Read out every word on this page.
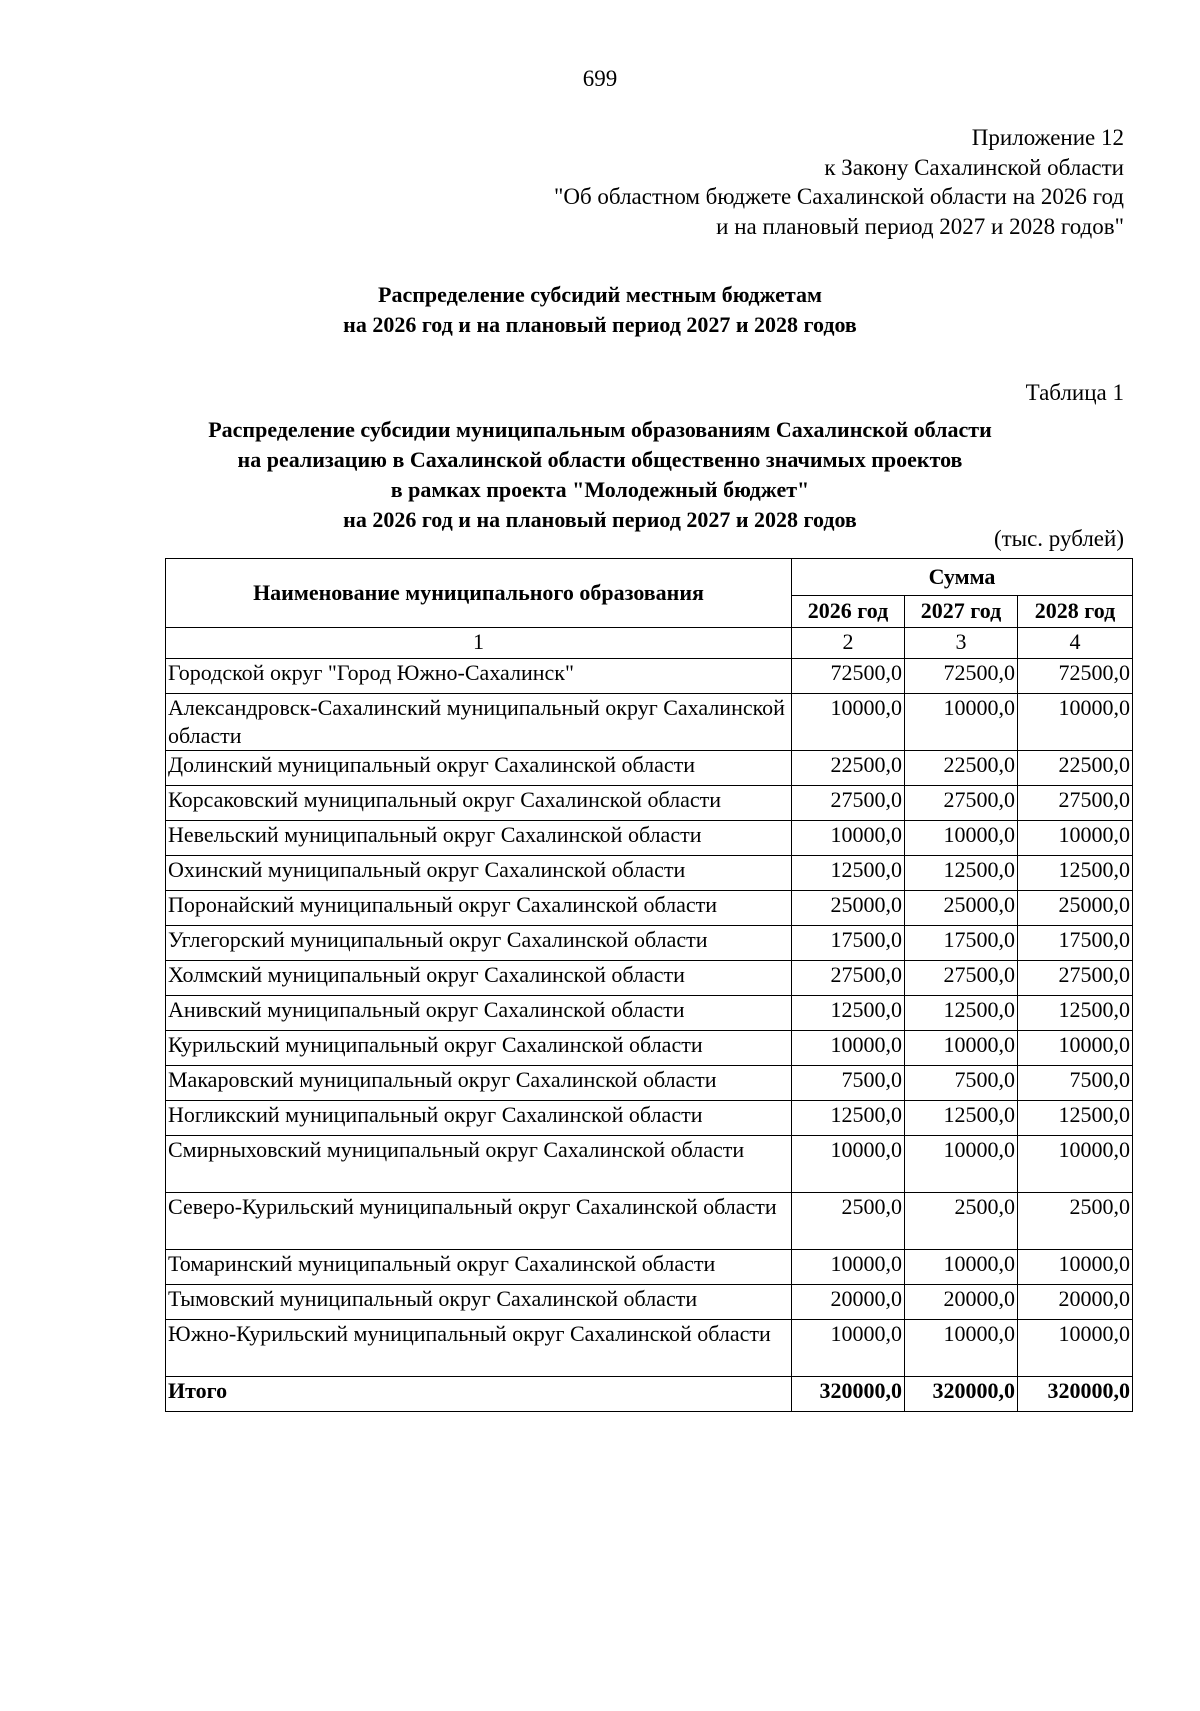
699
Приложение 12
к Закону Сахалинской области
"Об областном бюджете Сахалинской области на 2026 год
и на плановый период 2027 и 2028 годов"
Распределение субсидий местным бюджетам
на 2026 год и на плановый период 2027 и 2028 годов
Таблица 1
Распределение субсидии муниципальным образованиям Сахалинской области
на реализацию в Сахалинской области общественно значимых проектов
в рамках проекта "Молодежный бюджет"
на 2026 год и на плановый период 2027 и 2028 годов
(тыс. рублей)
Наименование муниципального образования	Сумма		
	2026 год	2027 год	2028 год
1	2	3	4
Городской округ "Город Южно-Сахалинск"	72500,0	72500,0	72500,0
Александровск-Сахалинский муниципальный округ Сахалинской области	10000,0	10000,0	10000,0
Долинский муниципальный округ Сахалинской области	22500,0	22500,0	22500,0
Корсаковский муниципальный округ Сахалинской области	27500,0	27500,0	27500,0
Невельский муниципальный округ Сахалинской области	10000,0	10000,0	10000,0
Охинский муниципальный округ Сахалинской области	12500,0	12500,0	12500,0
Поронайский муниципальный округ Сахалинской области	25000,0	25000,0	25000,0
Углегорский муниципальный округ Сахалинской области	17500,0	17500,0	17500,0
Холмский муниципальный округ Сахалинской области	27500,0	27500,0	27500,0
Анивский муниципальный округ Сахалинской области	12500,0	12500,0	12500,0
Курильский муниципальный округ Сахалинской области	10000,0	10000,0	10000,0
Макаровский муниципальный округ Сахалинской области	7500,0	7500,0	7500,0
Ногликский муниципальный округ Сахалинской области	12500,0	12500,0	12500,0
Смирныховский муниципальный округ Сахалинской области	10000,0	10000,0	10000,0
Северо-Курильский муниципальный округ Сахалинской области	2500,0	2500,0	2500,0
Томаринский муниципальный округ Сахалинской области	10000,0	10000,0	10000,0
Тымовский муниципальный округ Сахалинской области	20000,0	20000,0	20000,0
Южно-Курильский муниципальный округ Сахалинской области	10000,0	10000,0	10000,0
Итого	320000,0	320000,0	320000,0
